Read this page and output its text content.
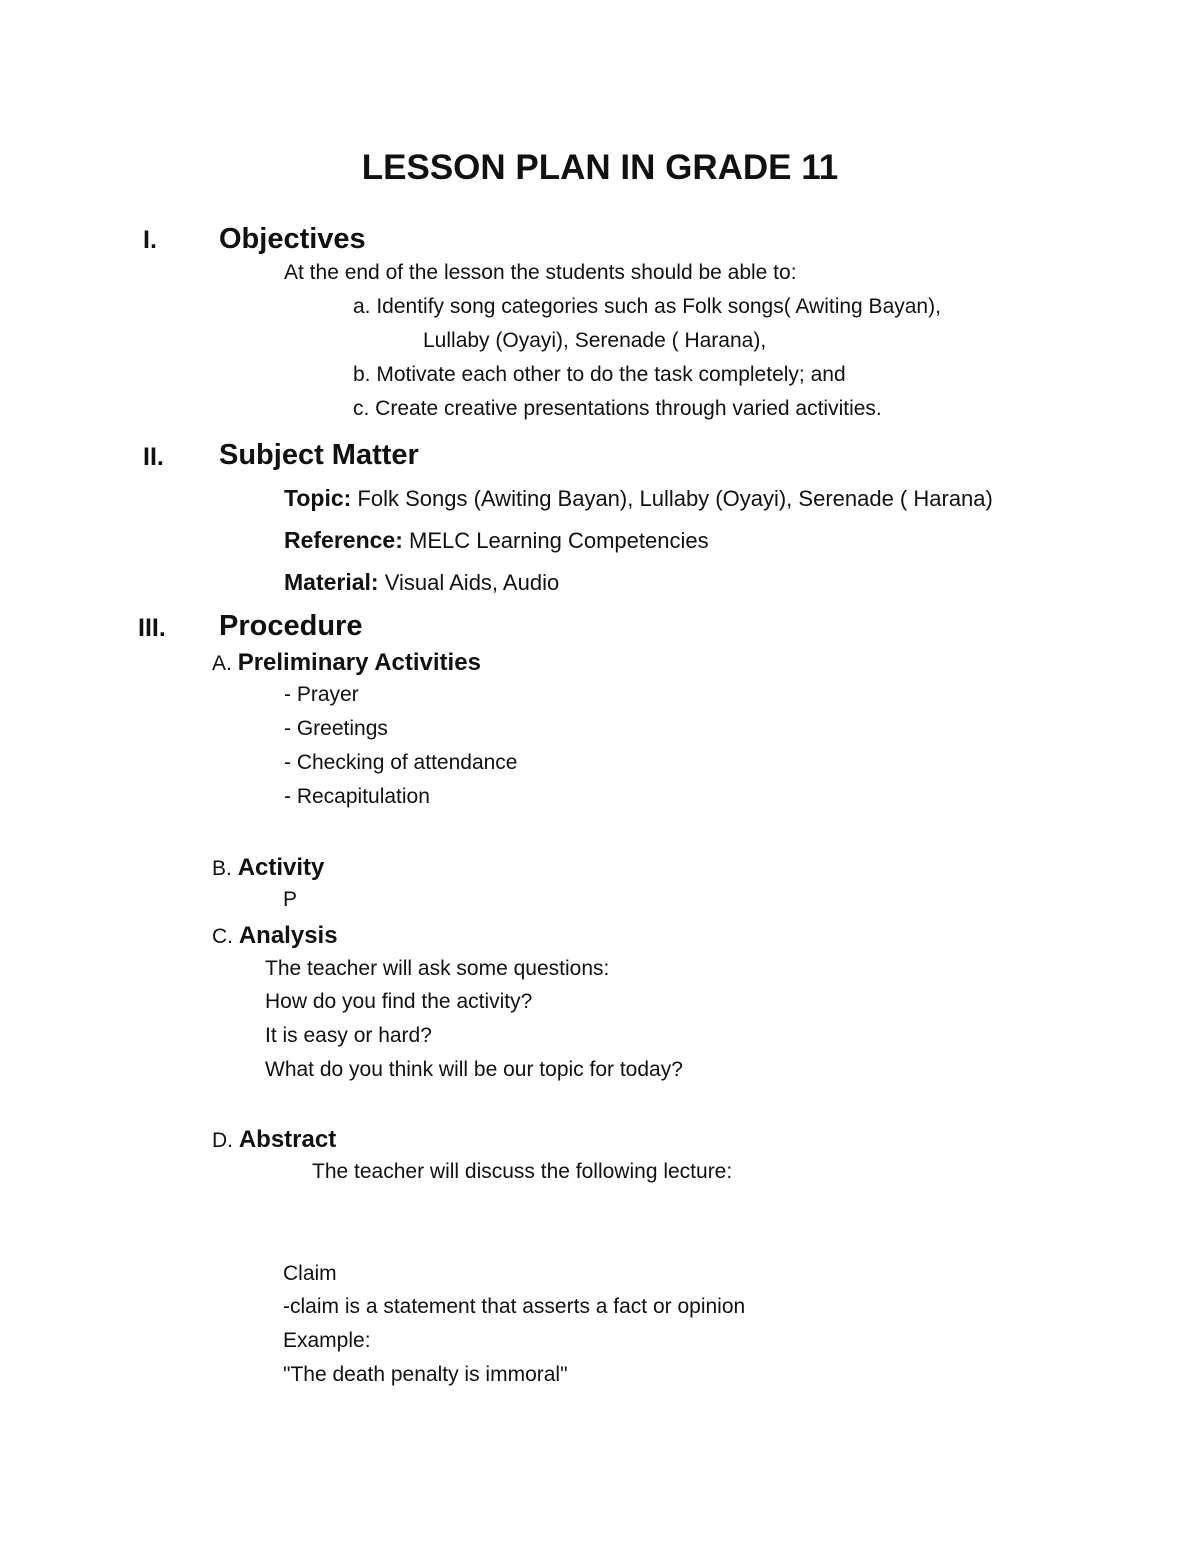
LESSON PLAN IN GRADE 11
I. Objectives
At the end of the lesson the students should be able to:
a. Identify song categories such as Folk songs( Awiting Bayan),
Lullaby (Oyayi), Serenade ( Harana),
b. Motivate each other to do the task completely; and
c. Create creative presentations through varied activities.
II. Subject Matter
Topic: Folk Songs (Awiting Bayan), Lullaby (Oyayi), Serenade ( Harana)
Reference: MELC Learning Competencies
Material: Visual Aids, Audio
III. Procedure
A. Preliminary Activities
- Prayer
- Greetings
- Checking of attendance
- Recapitulation
B. Activity
P
C. Analysis
The teacher will ask some questions:
How do you find the activity?
It is easy or hard?
What do you think will be our topic for today?
D. Abstract
The teacher will discuss the following lecture:
Claim
-claim is a statement that asserts a fact or opinion
Example:
"The death penalty is immoral"
